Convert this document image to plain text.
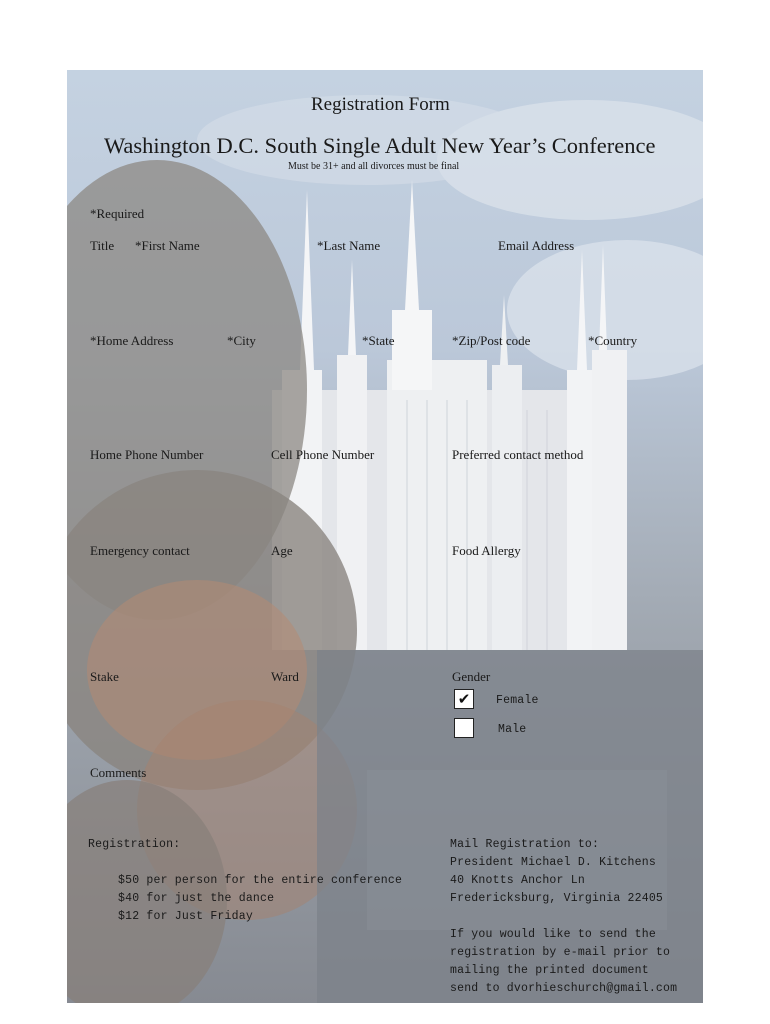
Registration Form
Washington D.C. South Single Adult New Year’s Conference
Must be 31+ and all divorces must be final
*Required
Title *First Name	*Last Name	Email Address
*Home Address	*City	*State	*Zip/Post code	*Country
Home Phone Number	Cell Phone Number	Preferred contact method
Emergency contact	Age	Food Allergy
Stake	Ward	Gender
✔	Female
Male
Comments
Registration:
$50 per person for the entire conference
$40 for just the dance
$12 for Just Friday
Mail Registration to:
President Michael D. Kitchens
40 Knotts Anchor Ln
Fredericksburg, Virginia 22405
If you would like to send the
registration by e-mail prior to
mailing the printed document
send to dvorhieschurch@gmail.com
